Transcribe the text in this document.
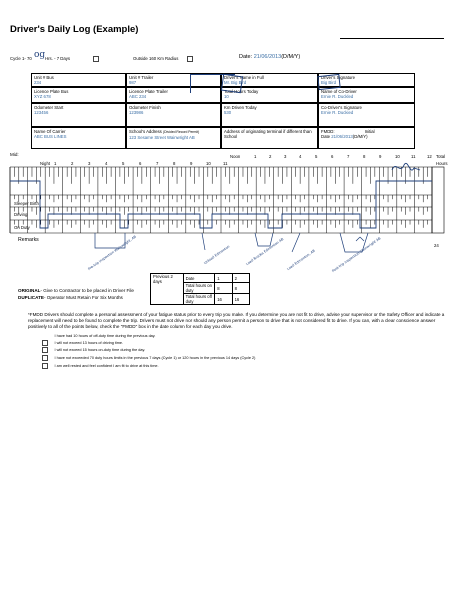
Driver's Daily Log (Example)
Cycle 1- 70 og Hrs. - 7 Days	Outside 160 Km Radius	Date: 21/06/2013(D/M/Y)
Unit # Bus
234
Unit # Trailer
987
Driver's Name in Full
Mr. Big Bird
Driver's Signature
Big Bird
Licence Plate Bus
XYZ 678
Licence Plate Trailer
ABC 234
Total Hours Today
10
Name of Co-Driver
Ernie R. Duckled
Odometer Start
123456
Odometer Finish
123986
Km Driven Today
530
Co-Driver's Signature
Ernie R. Duckied
Name Of Carrier
ABC BUS LINES
School's Address (Divided Record Permit)
123 Sesame Street Wainwright AB
Address of originating terminal if different than School
FMDD:	Initial
Date 21/06/2013(D/M/Y)
Mid:
Night
Noon	Total
Hours
1	2	3	4	5	6	7	8	9	10	11
1	2	3	4	5	6	7	8	9	10	11	12
Sleeper Birth
Driving
On Duty
24
Remarks	Pre-trip inspection Wainwright, AB	Unload Edmonton	Load Brooks Edmonton AB Load Edmonton, AB	Post-trip inspection Wainwright AB
Previous 2 days	Date	1	2
	Total hours on duty	8	8
	Total hours off duty	16	16
ORIGINAL- Give to Contractor to be placed in Driver File
DUPLICATE- Operator Must Retain For Six Months
*FMDD Drivers should complete a personal assessment of your fatigue status prior to every trip you make. If you determine you are not fit to drive, advise your supervisor or the Safety Officer and indicate a replacement will need to be found to complete the trip. Drivers must not drive nor should any person permit a person to drive that is not considered fit to drive. If you can, with a clear conscience answer positively to all of the points below, check the "FMDD" box in the date column for each day you drive.
I have had 10 hours of off-duty time during the previous day.
I will not exceed 13 hours of driving time.
I will not exceed 15 hours on-duty time during the day.
I have not exceeded 70 duty hours limits in the previous 7 days (Cycle 1) or 120 hours in the previous 14 days (Cycle 2)
I am well rested and feel confident I am fit to drive at this time.
